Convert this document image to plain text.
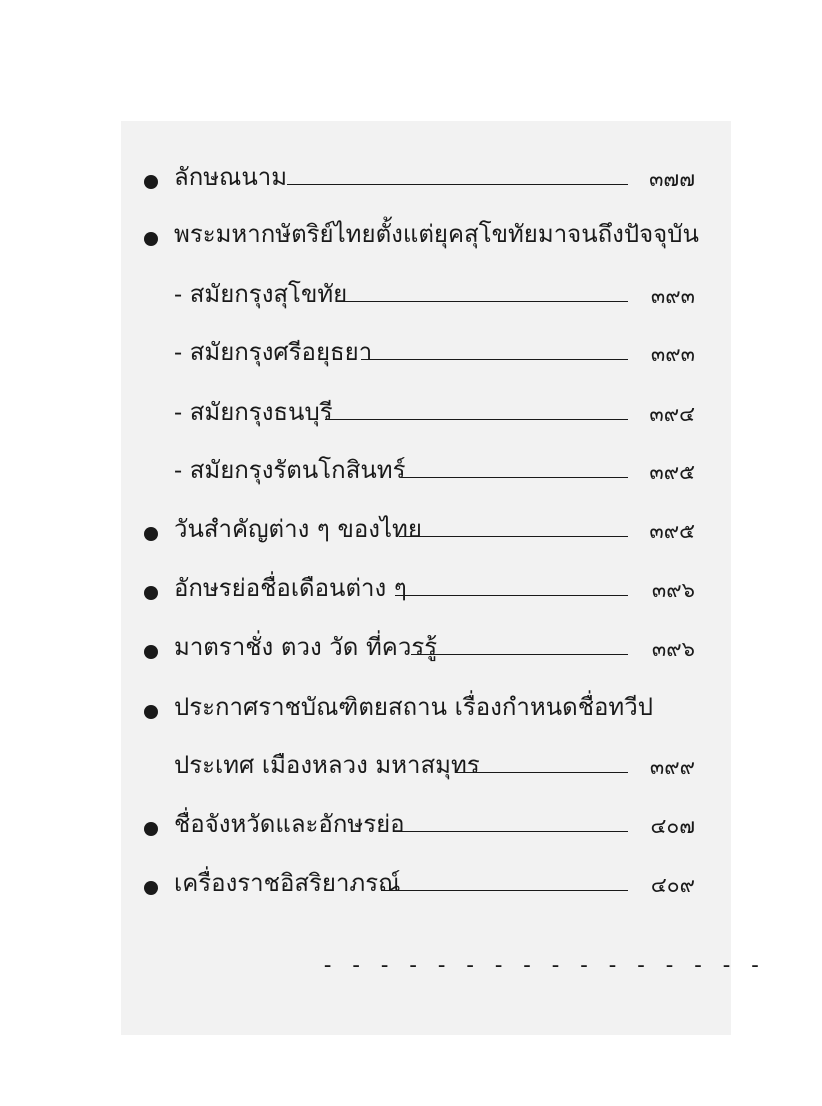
ลักษณนาม	๓๗๗
พระมหากษัตริย์ไทยตั้งแต่ยุคสุโขทัยมาจนถึงปัจจุบัน
- สมัยกรุงสุโขทัย	๓๙๓
- สมัยกรุงศรีอยุธยา	๓๙๓
- สมัยกรุงธนบุรี	๓๙๔
- สมัยกรุงรัตนโกสินทร์	๓๙๕
วันสำคัญต่าง ๆ ของไทย	๓๙๕
อักษรย่อชื่อเดือนต่าง ๆ	๓๙๖
มาตราชั่ง ตวง วัด ที่ควรรู้	๓๙๖
ประกาศราชบัณฑิตยสถาน เรื่องกำหนดชื่อทวีป
ประเทศ เมืองหลวง มหาสมุทร	๓๙๙
ชื่อจังหวัดและอักษรย่อ	๔๐๗
เครื่องราชอิสริยาภรณ์	๔๐๙
- - - - - - - - - - - - - - - -
